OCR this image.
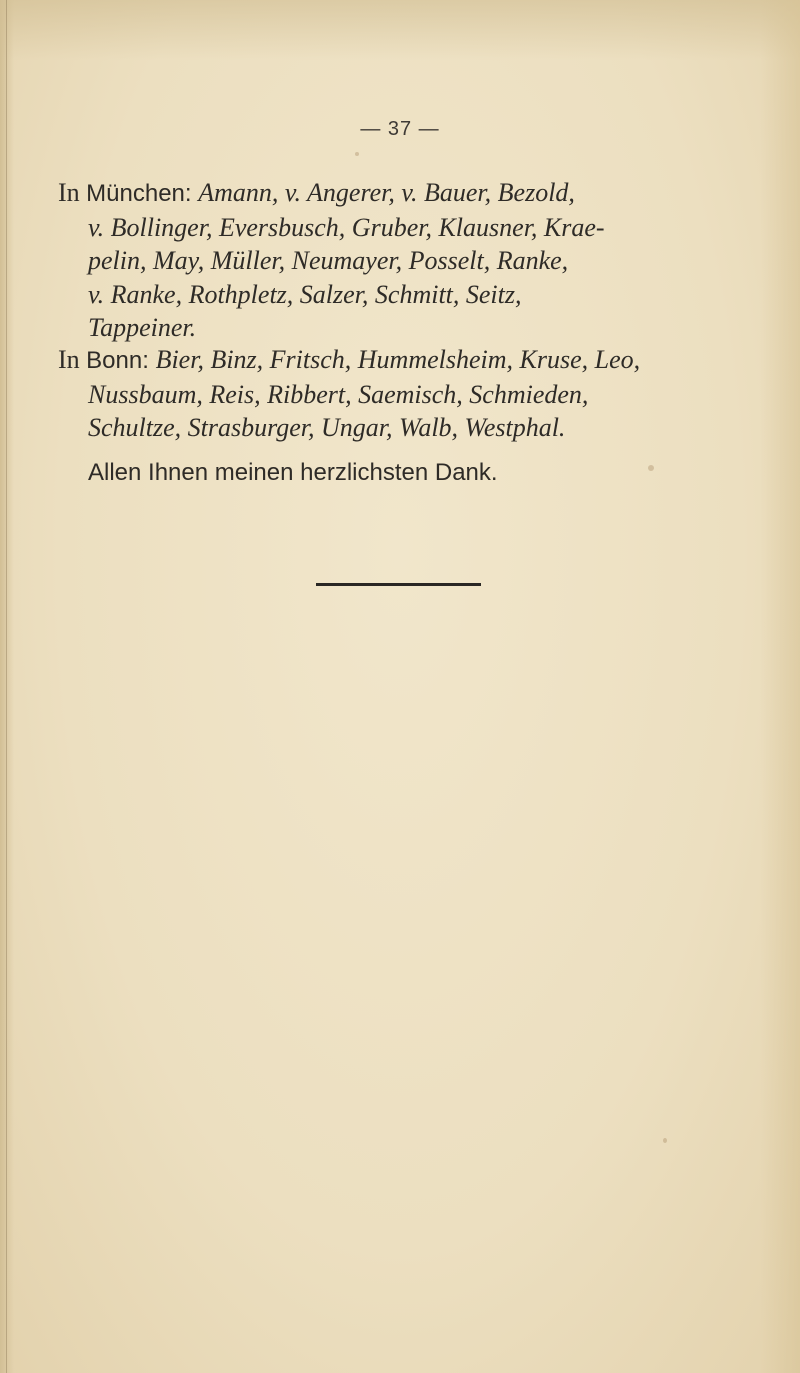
— 37 —
In München: Amann, v. Angerer, v. Bauer, Bezold,
v. Bollinger, Eversbusch, Gruber, Klausner, Krae-
pelin, May, Müller, Neumayer, Posselt, Ranke,
v. Ranke, Rothpletz, Salzer, Schmitt, Seitz,
Tappeiner.
In Bonn: Bier, Binz, Fritsch, Hummelsheim, Kruse, Leo,
Nussbaum, Reis, Ribbert, Saemisch, Schmieden,
Schultze, Strasburger, Ungar, Walb, Westphal.
Allen Ihnen meinen herzlichsten Dank.
